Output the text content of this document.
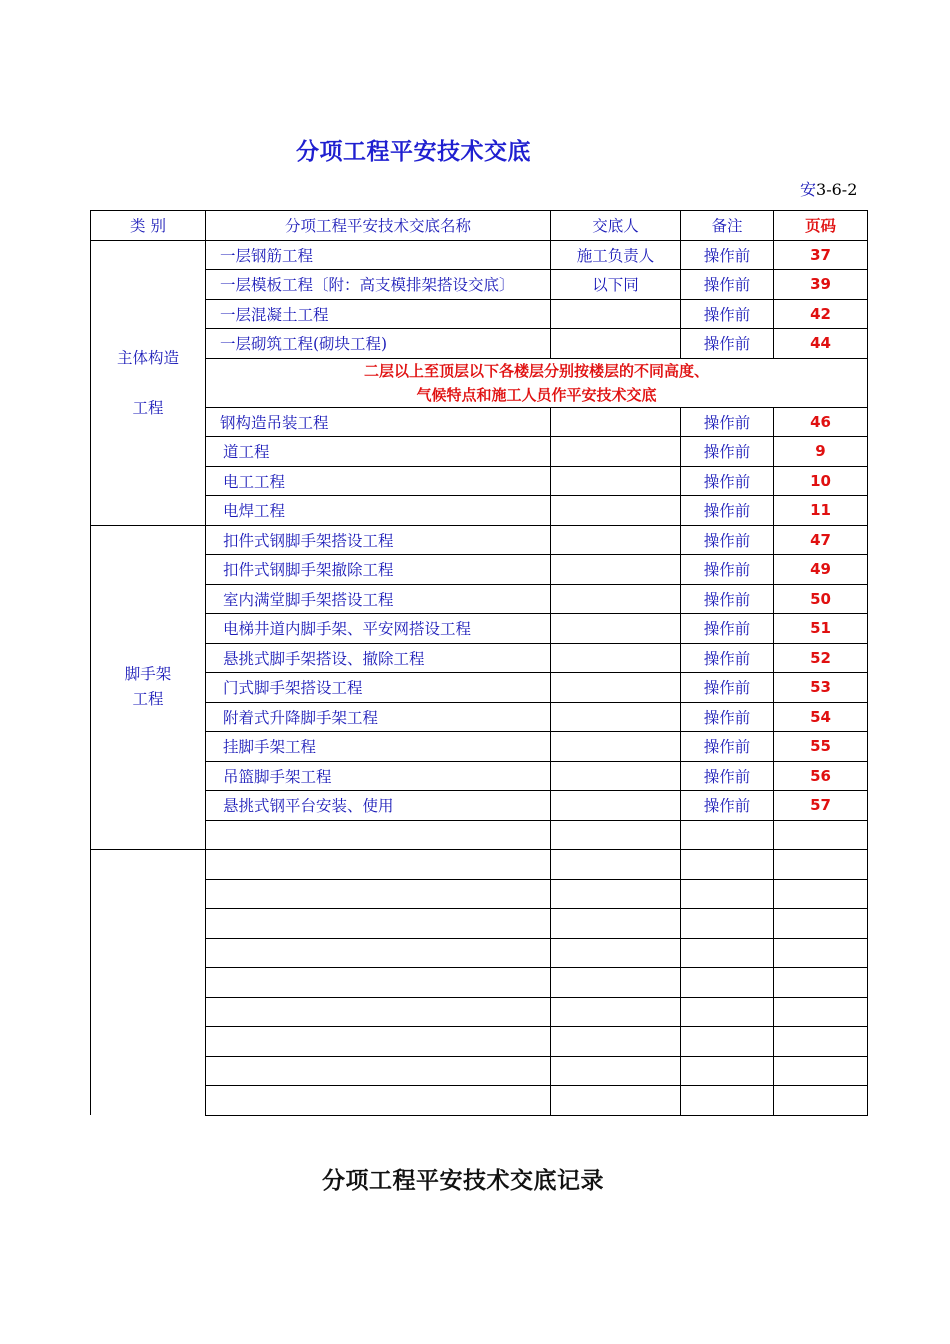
分项工程平安技术交底
安3-6-2
类 别	分项工程平安技术交底名称	交底人	备注	页码

主体构造
工程	一层钢筋工程	施工负责人	操作前	37
	一层模板工程〔附：高支模排架搭设交底〕	以下同	操作前	39
	一层混凝土工程		操作前	42
	一层砌筑工程(砌块工程)		操作前	44

	二层以上至顶层以下各楼层分别按楼层的不同高度、
气候特点和施工人员作平安技术交底			

	钢构造吊装工程		操作前	46
	道工程		操作前	9
	电工工程		操作前	10
	电焊工程		操作前	11

脚手架
工程	扣件式钢脚手架搭设工程		操作前	47
	扣件式钢脚手架撤除工程		操作前	49
	室内满堂脚手架搭设工程		操作前	50
	电梯井道内脚手架、平安网搭设工程		操作前	51
	悬挑式脚手架搭设、撤除工程		操作前	52
	门式脚手架搭设工程		操作前	53
	附着式升降脚手架工程		操作前	54
	挂脚手架工程		操作前	55
	吊篮脚手架工程		操作前	56
	悬挑式钢平台安装、使用		操作前	57

分项工程平安技术交底记录
